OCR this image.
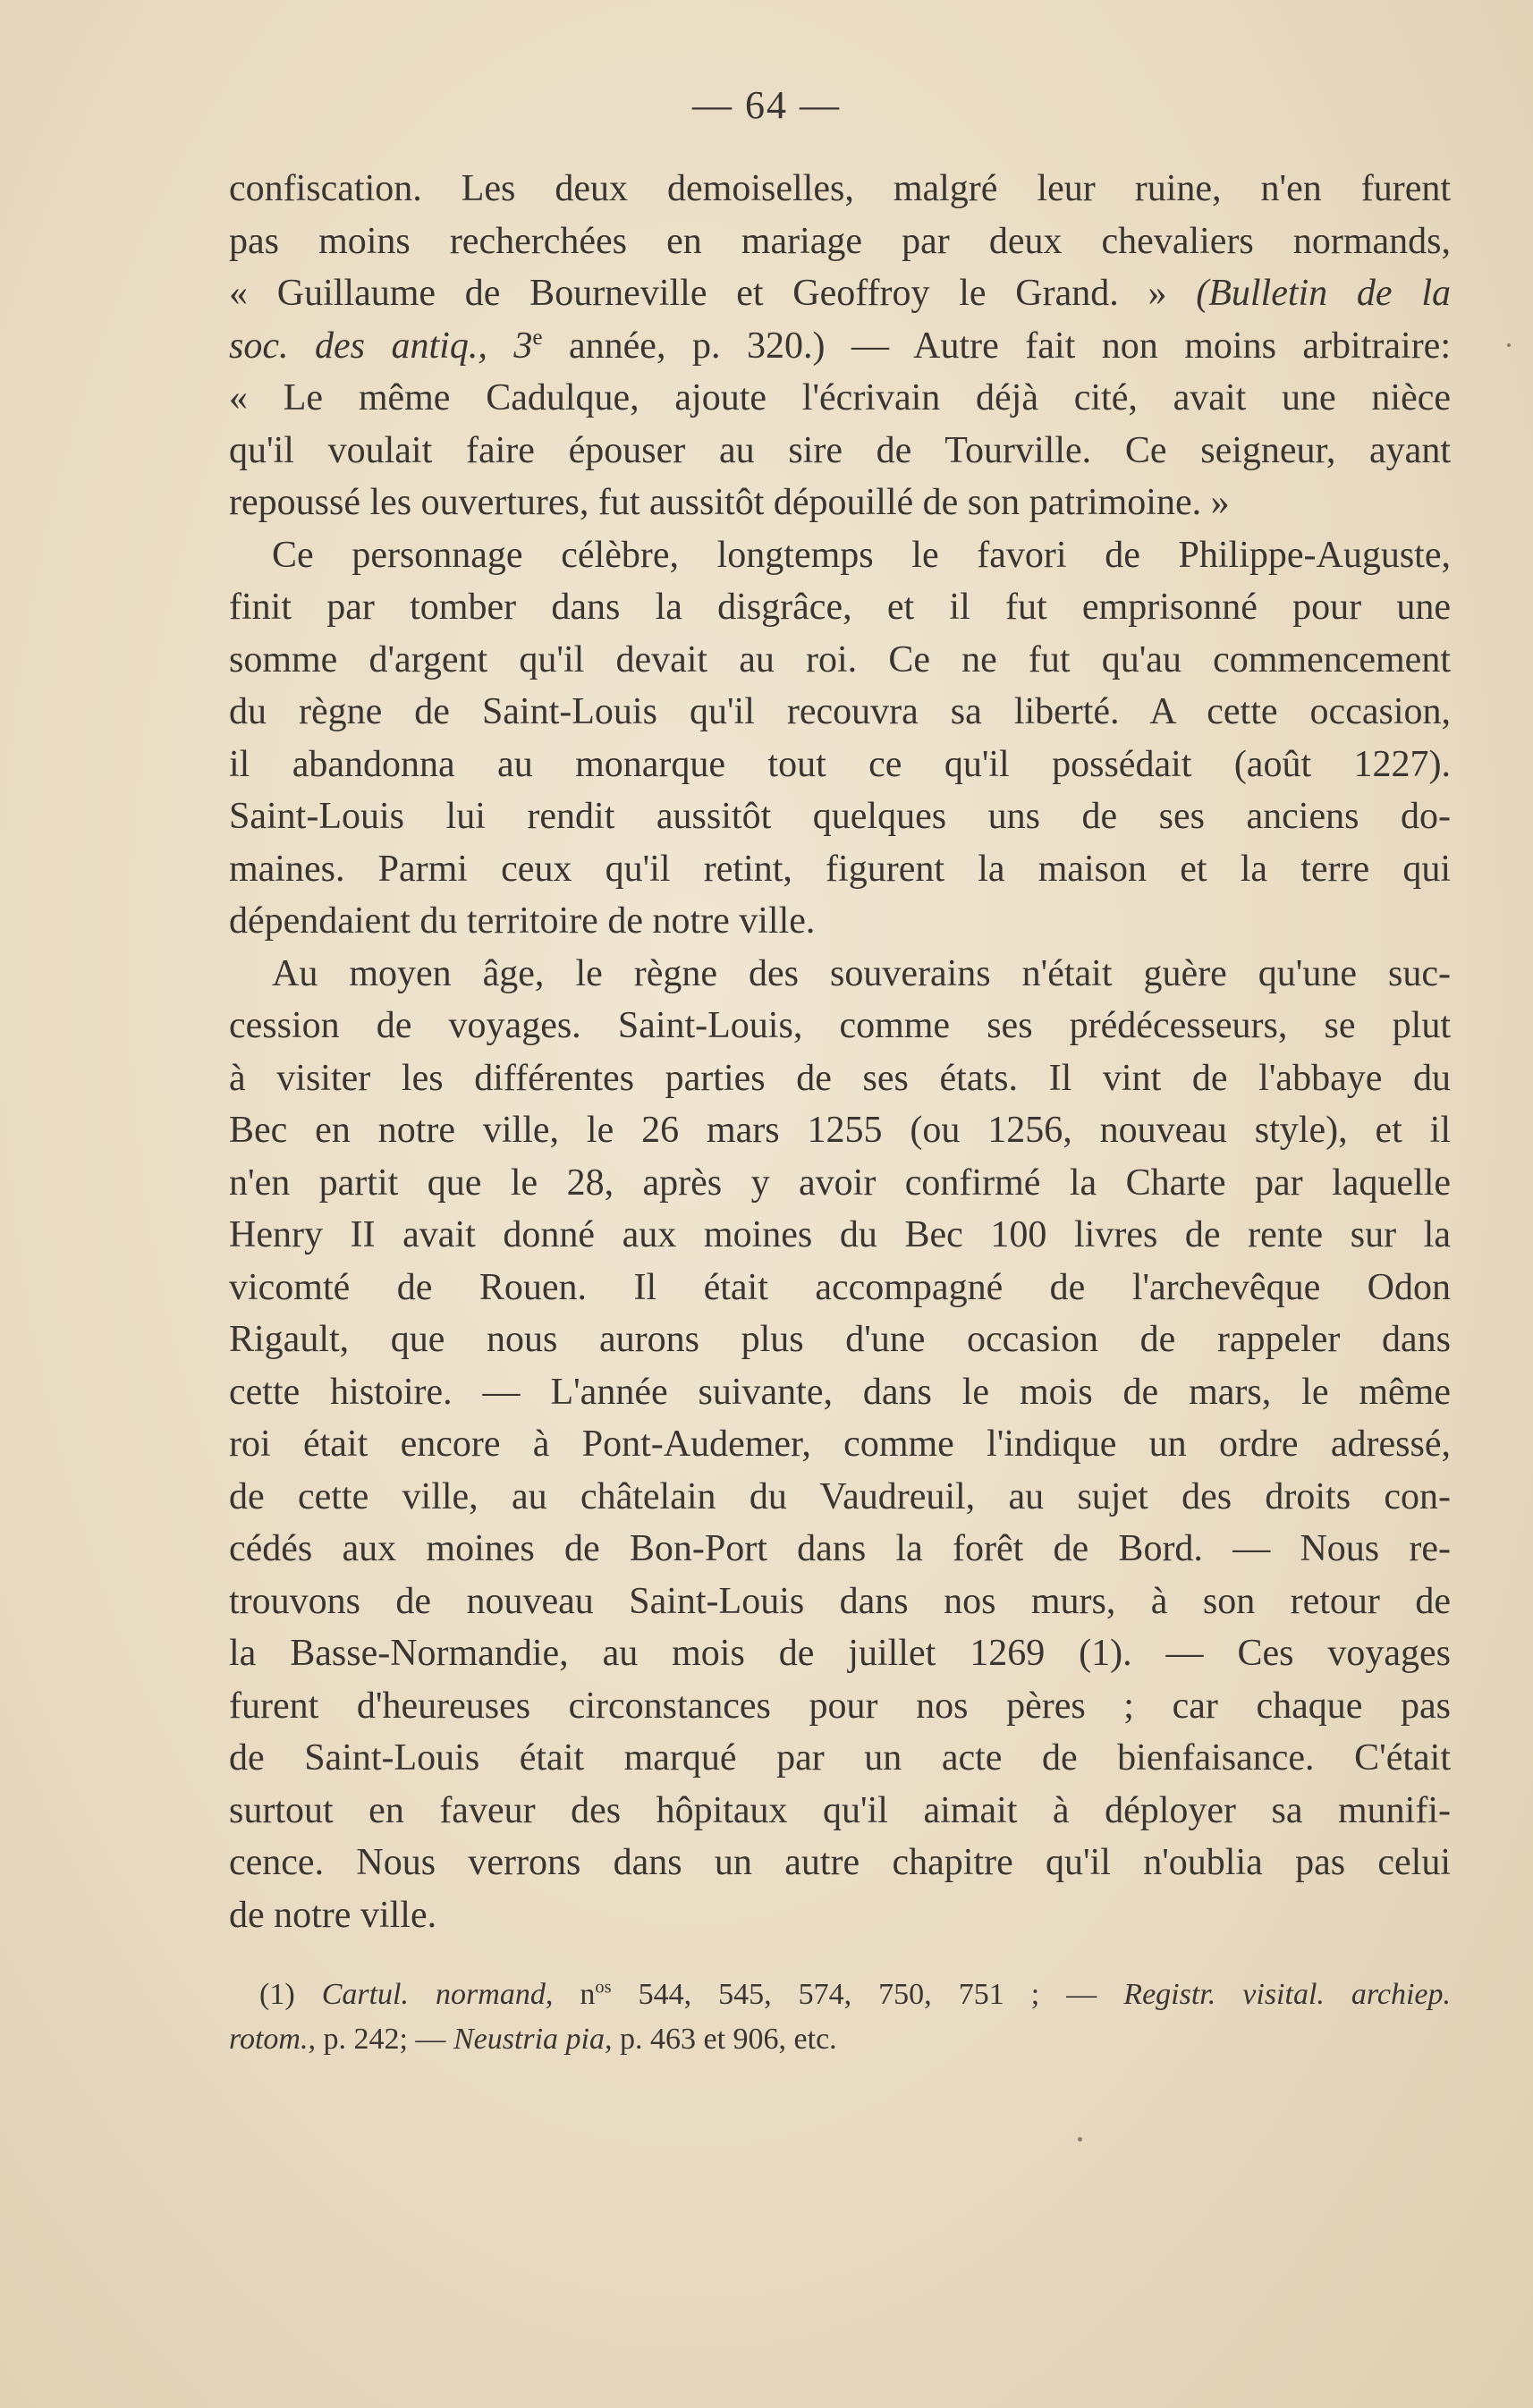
— 64 —
confiscation. Les deux demoiselles, malgré leur ruine, n'en furent
pas moins recherchées en mariage par deux chevaliers normands,
« Guillaume de Bourneville et Geoffroy le Grand. » (Bulletin de la
soc. des antiq., 3e année, p. 320.) — Autre fait non moins arbitraire:
« Le même Cadulque, ajoute l'écrivain déjà cité, avait une nièce
qu'il voulait faire épouser au sire de Tourville. Ce seigneur, ayant
repoussé les ouvertures, fut aussitôt dépouillé de son patrimoine. »
Ce personnage célèbre, longtemps le favori de Philippe-Auguste,
finit par tomber dans la disgrâce, et il fut emprisonné pour une
somme d'argent qu'il devait au roi. Ce ne fut qu'au commencement
du règne de Saint-Louis qu'il recouvra sa liberté. A cette occasion,
il abandonna au monarque tout ce qu'il possédait (août 1227).
Saint-Louis lui rendit aussitôt quelques uns de ses anciens do-
maines. Parmi ceux qu'il retint, figurent la maison et la terre qui
dépendaient du territoire de notre ville.
Au moyen âge, le règne des souverains n'était guère qu'une suc-
cession de voyages. Saint-Louis, comme ses prédécesseurs, se plut
à visiter les différentes parties de ses états. Il vint de l'abbaye du
Bec en notre ville, le 26 mars 1255 (ou 1256, nouveau style), et il
n'en partit que le 28, après y avoir confirmé la Charte par laquelle
Henry II avait donné aux moines du Bec 100 livres de rente sur la
vicomté de Rouen. Il était accompagné de l'archevêque Odon
Rigault, que nous aurons plus d'une occasion de rappeler dans
cette histoire. — L'année suivante, dans le mois de mars, le même
roi était encore à Pont-Audemer, comme l'indique un ordre adressé,
de cette ville, au châtelain du Vaudreuil, au sujet des droits con-
cédés aux moines de Bon-Port dans la forêt de Bord. — Nous re-
trouvons de nouveau Saint-Louis dans nos murs, à son retour de
la Basse-Normandie, au mois de juillet 1269 (1). — Ces voyages
furent d'heureuses circonstances pour nos pères ; car chaque pas
de Saint-Louis était marqué par un acte de bienfaisance. C'était
surtout en faveur des hôpitaux qu'il aimait à déployer sa munifi-
cence. Nous verrons dans un autre chapitre qu'il n'oublia pas celui
de notre ville.
(1) Cartul. normand, $n^{os}$ 544, 545, 574, 750, 751 ; — Registr. visital. archiep.
rotom., p. 242; — Neustria pia, p. 463 et 906, etc.
